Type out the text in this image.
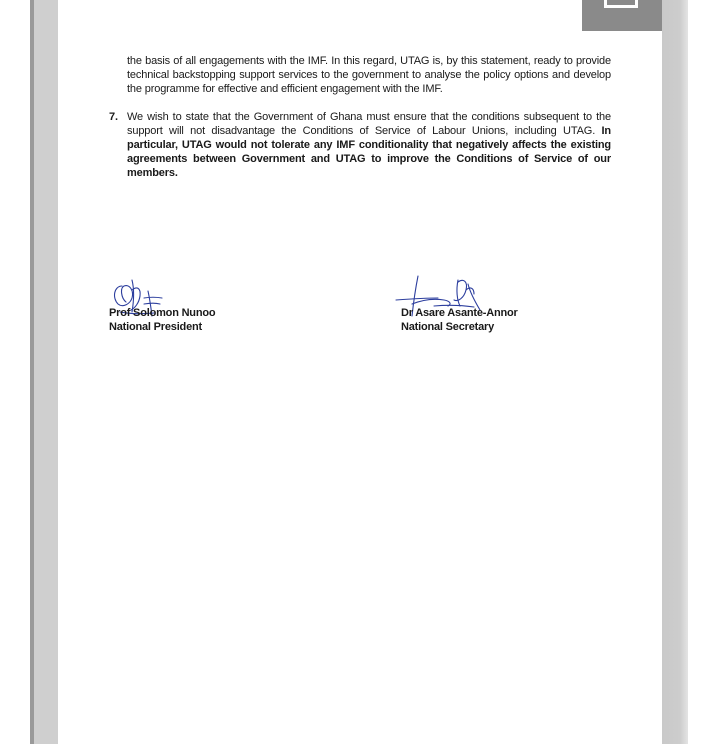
the basis of all engagements with the IMF. In this regard, UTAG is, by this statement, ready to provide technical backstopping support services to the government to analyse the policy options and develop the programme for effective and efficient engagement with the IMF.
7. We wish to state that the Government of Ghana must ensure that the conditions subsequent to the support will not disadvantage the Conditions of Service of Labour Unions, including UTAG. In particular, UTAG would not tolerate any IMF conditionality that negatively affects the existing agreements between Government and UTAG to improve the Conditions of Service of our members.
Prof Solomon Nunoo
National President
Dr Asare Asante-Annor
National Secretary
